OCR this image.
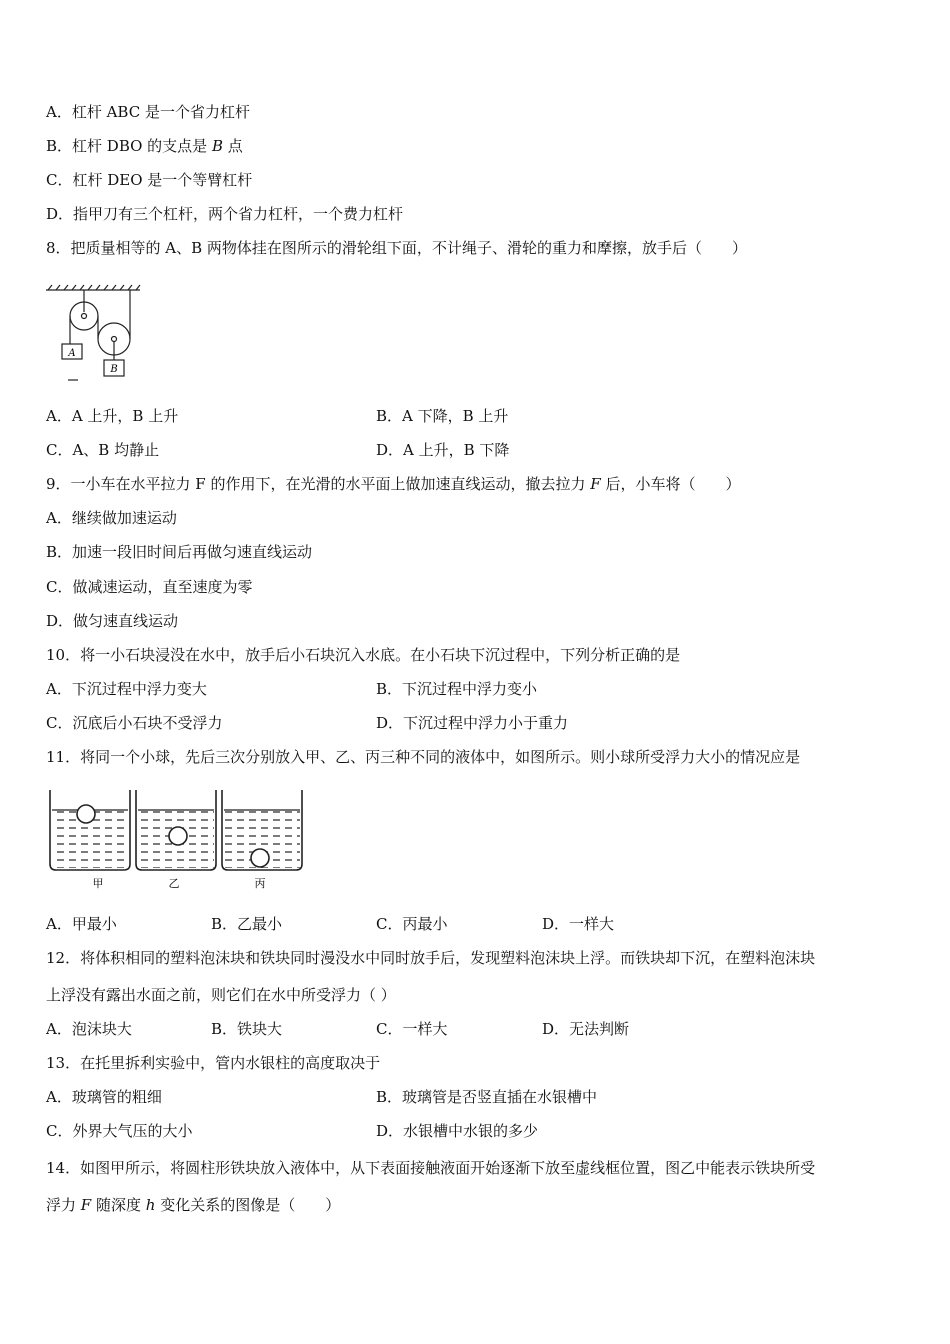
A．杠杆 ABC 是一个省力杠杆
B．杠杆 DBO 的支点是 B 点
C．杠杆 DEO 是一个等臂杠杆
D．指甲刀有三个杠杆，两个省力杠杆，一个费力杠杆
8．把质量相等的 A、B 两物体挂在图所示的滑轮组下面，不计绳子、滑轮的重力和摩擦，放手后（　　）
A
B
A．A 上升，B 上升	B．A 下降，B 上升
C．A、B 均静止	D．A 上升，B 下降
9．一小车在水平拉力 F 的作用下，在光滑的水平面上做加速直线运动，撤去拉力 F 后，小车将（　　）
A．继续做加速运动
B．加速一段旧时间后再做匀速直线运动
C．做减速运动，直至速度为零
D．做匀速直线运动
10．将一小石块浸没在水中，放手后小石块沉入水底。在小石块下沉过程中，下列分析正确的是
A．下沉过程中浮力变大	B．下沉过程中浮力变小
C．沉底后小石块不受浮力	D．下沉过程中浮力小于重力
11．将同一个小球，先后三次分别放入甲、乙、丙三种不同的液体中，如图所示。则小球所受浮力大小的情况应是
甲	乙	丙
A．甲最小	B．乙最小	C．丙最小	D．一样大
12．将体积相同的塑料泡沫块和铁块同时漫没水中同时放手后，发现塑料泡沫块上浮。而铁块却下沉，在塑料泡沫块
上浮没有露出水面之前，则它们在水中所受浮力（ ）
A．泡沫块大	B．铁块大	C．一样大	D．无法判断
13．在托里拆利实验中，管内水银柱的高度取决于
A．玻璃管的粗细	B．玻璃管是否竖直插在水银槽中
C．外界大气压的大小	D．水银槽中水银的多少
14．如图甲所示，将圆柱形铁块放入液体中，从下表面接触液面开始逐渐下放至虚线框位置，图乙中能表示铁块所受
浮力 F 随深度 h 变化关系的图像是（　　）
